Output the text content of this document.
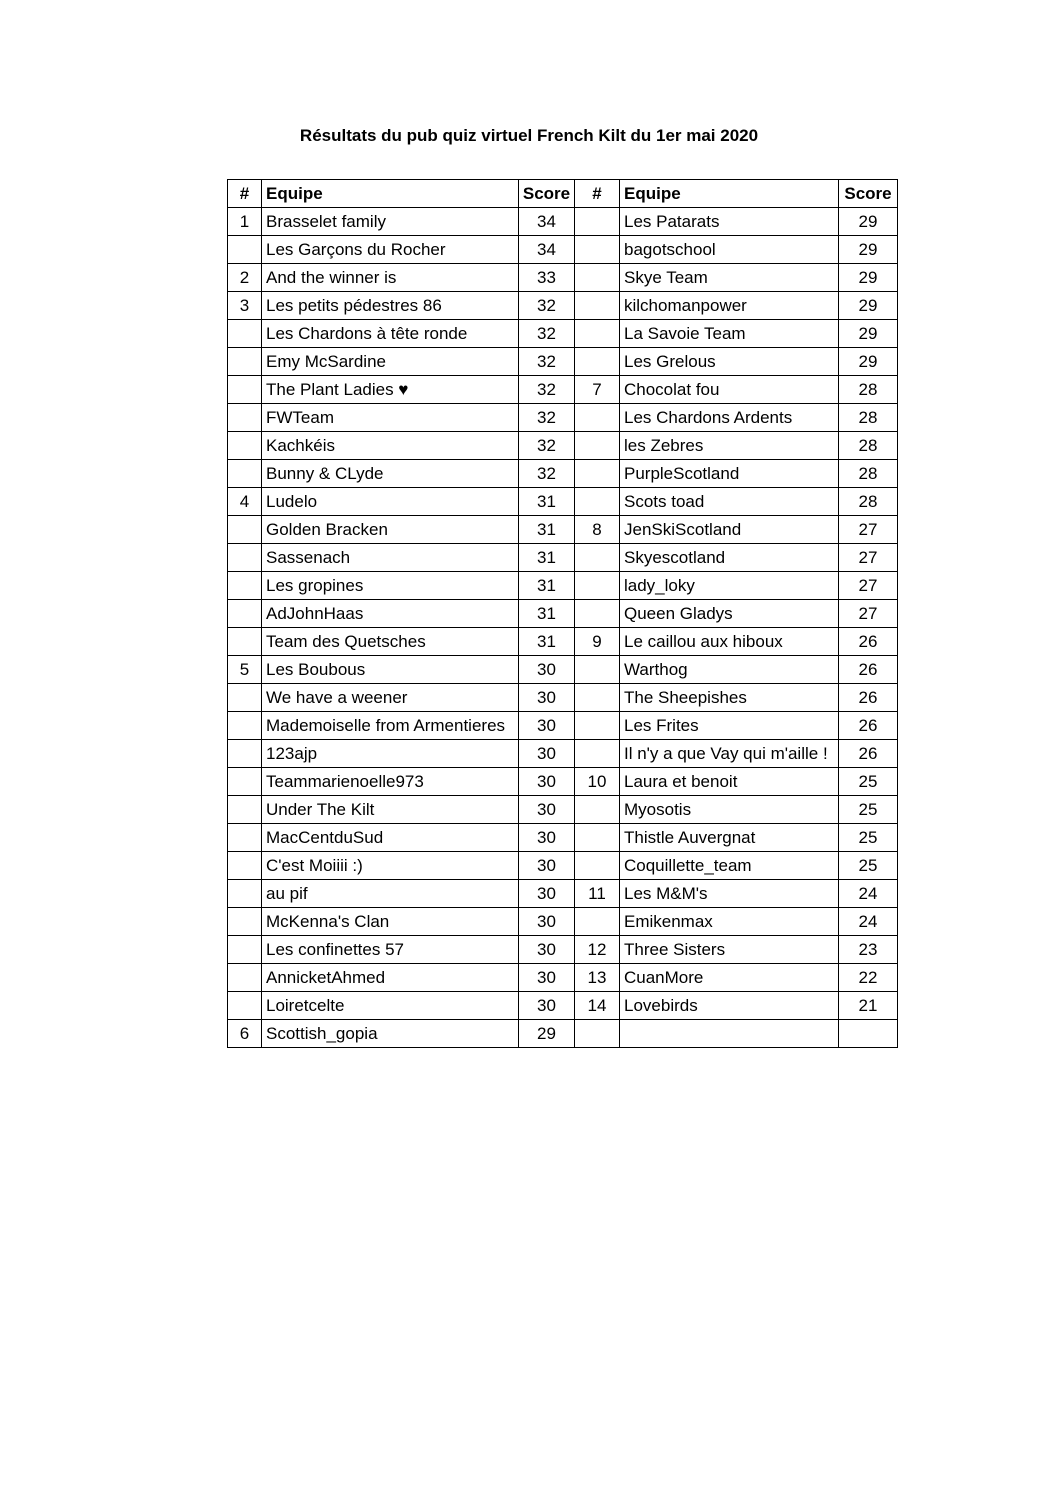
Résultats du pub quiz virtuel French Kilt du 1er mai 2020
#	Equipe	Score	#	Equipe	Score
1	Brasselet family	34		Les Patarats	29
	Les Garçons du Rocher	34		bagotschool	29
2	And the winner is	33		Skye Team	29
3	Les petits pédestres 86	32		kilchomanpower	29
	Les Chardons à tête ronde	32		La Savoie Team	29
	Emy McSardine	32		Les Grelous	29
	The Plant Ladies ♥	32	7	Chocolat fou	28
	FWTeam	32		Les Chardons Ardents	28
	Kachkéis	32		les Zebres	28
	Bunny & CLyde	32		PurpleScotland	28
4	Ludelo	31		Scots toad	28
	Golden Bracken	31	8	JenSkiScotland	27
	Sassenach	31		Skyescotland	27
	Les gropines	31		lady_loky	27
	AdJohnHaas	31		Queen Gladys	27
	Team des Quetsches	31	9	Le caillou aux hiboux	26
5	Les Boubous	30		Warthog	26
	We have a weener	30		The Sheepishes	26
	Mademoiselle from Armentieres	30		Les Frites	26
	123ajp	30		Il n'y a que Vay qui m'aille !	26
	Teammarienoelle973	30	10	Laura et benoit	25
	Under The Kilt	30		Myosotis	25
	MacCentduSud	30		Thistle Auvergnat	25
	C'est Moiiii :)	30		Coquillette_team	25
	au pif	30	11	Les M&M's	24
	McKenna's Clan	30		Emikenmax	24
	Les confinettes 57	30	12	Three Sisters	23
	AnnicketAhmed	30	13	CuanMore	22
	Loiretcelte	30	14	Lovebirds	21
6	Scottish_gopia	29			
